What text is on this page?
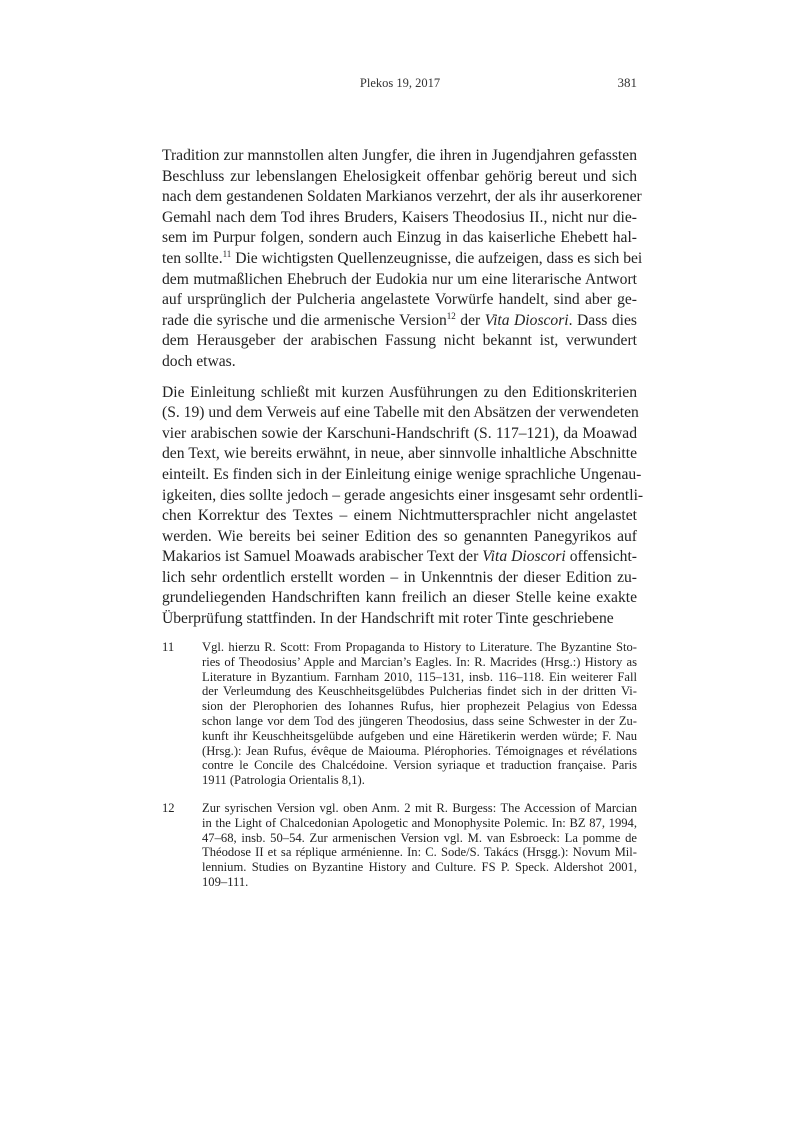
Plekos 19, 2017	381
Tradition zur mannstollen alten Jungfer, die ihren in Jugendjahren gefassten
Beschluss zur lebenslangen Ehelosigkeit offenbar gehörig bereut und sich
nach dem gestandenen Soldaten Markianos verzehrt, der als ihr auserkorener
Gemahl nach dem Tod ihres Bruders, Kaisers Theodosius II., nicht nur die-
sem im Purpur folgen, sondern auch Einzug in das kaiserliche Ehebett hal-
ten sollte.$^{11}$ Die wichtigsten Quellenzeugnisse, die aufzeigen, dass es sich bei
dem mutmaßlichen Ehebruch der Eudokia nur um eine literarische Antwort
auf ursprünglich der Pulcheria angelastete Vorwürfe handelt, sind aber ge-
rade die syrische und die armenische Version$^{12}$ der Vita Dioscori. Dass dies
dem Herausgeber der arabischen Fassung nicht bekannt ist, verwundert
doch etwas.
Die Einleitung schließt mit kurzen Ausführungen zu den Editionskriterien
(S. 19) und dem Verweis auf eine Tabelle mit den Absätzen der verwendeten
vier arabischen sowie der Karschuni-Handschrift (S. 117–121), da Moawad
den Text, wie bereits erwähnt, in neue, aber sinnvolle inhaltliche Abschnitte
einteilt. Es finden sich in der Einleitung einige wenige sprachliche Ungenau-
igkeiten, dies sollte jedoch – gerade angesichts einer insgesamt sehr ordentli-
chen Korrektur des Textes – einem Nichtmuttersprachler nicht angelastet
werden. Wie bereits bei seiner Edition des so genannten Panegyrikos auf
Makarios ist Samuel Moawads arabischer Text der Vita Dioscori offensicht-
lich sehr ordentlich erstellt worden – in Unkenntnis der dieser Edition zu-
grundeliegenden Handschriften kann freilich an dieser Stelle keine exakte
Überprüfung stattfinden. In der Handschrift mit roter Tinte geschriebene
11 Vgl. hierzu R. Scott: From Propaganda to History to Literature. The Byzantine Sto-
ries of Theodosius’ Apple and Marcian’s Eagles. In: R. Macrides (Hrsg.:) History as
Literature in Byzantium. Farnham 2010, 115–131, insb. 116–118. Ein weiterer Fall
der Verleumdung des Keuschheitsgelübdes Pulcherias findet sich in der dritten Vi-
sion der Plerophorien des Iohannes Rufus, hier prophezeit Pelagius von Edessa
schon lange vor dem Tod des jüngeren Theodosius, dass seine Schwester in der Zu-
kunft ihr Keuschheitsgelübde aufgeben und eine Häretikerin werden würde; F. Nau
(Hrsg.): Jean Rufus, évêque de Maiouma. Plérophories. Témoignages et révélations
contre le Concile des Chalcédoine. Version syriaque et traduction française. Paris
1911 (Patrologia Orientalis 8,1).
12 Zur syrischen Version vgl. oben Anm. 2 mit R. Burgess: The Accession of Marcian
in the Light of Chalcedonian Apologetic and Monophysite Polemic. In: BZ 87, 1994,
47–68, insb. 50–54. Zur armenischen Version vgl. M. van Esbroeck: La pomme de
Théodose II et sa réplique arménienne. In: C. Sode/S. Takács (Hrsgg.): Novum Mil-
lennium. Studies on Byzantine History and Culture. FS P. Speck. Aldershot 2001,
109–111.
